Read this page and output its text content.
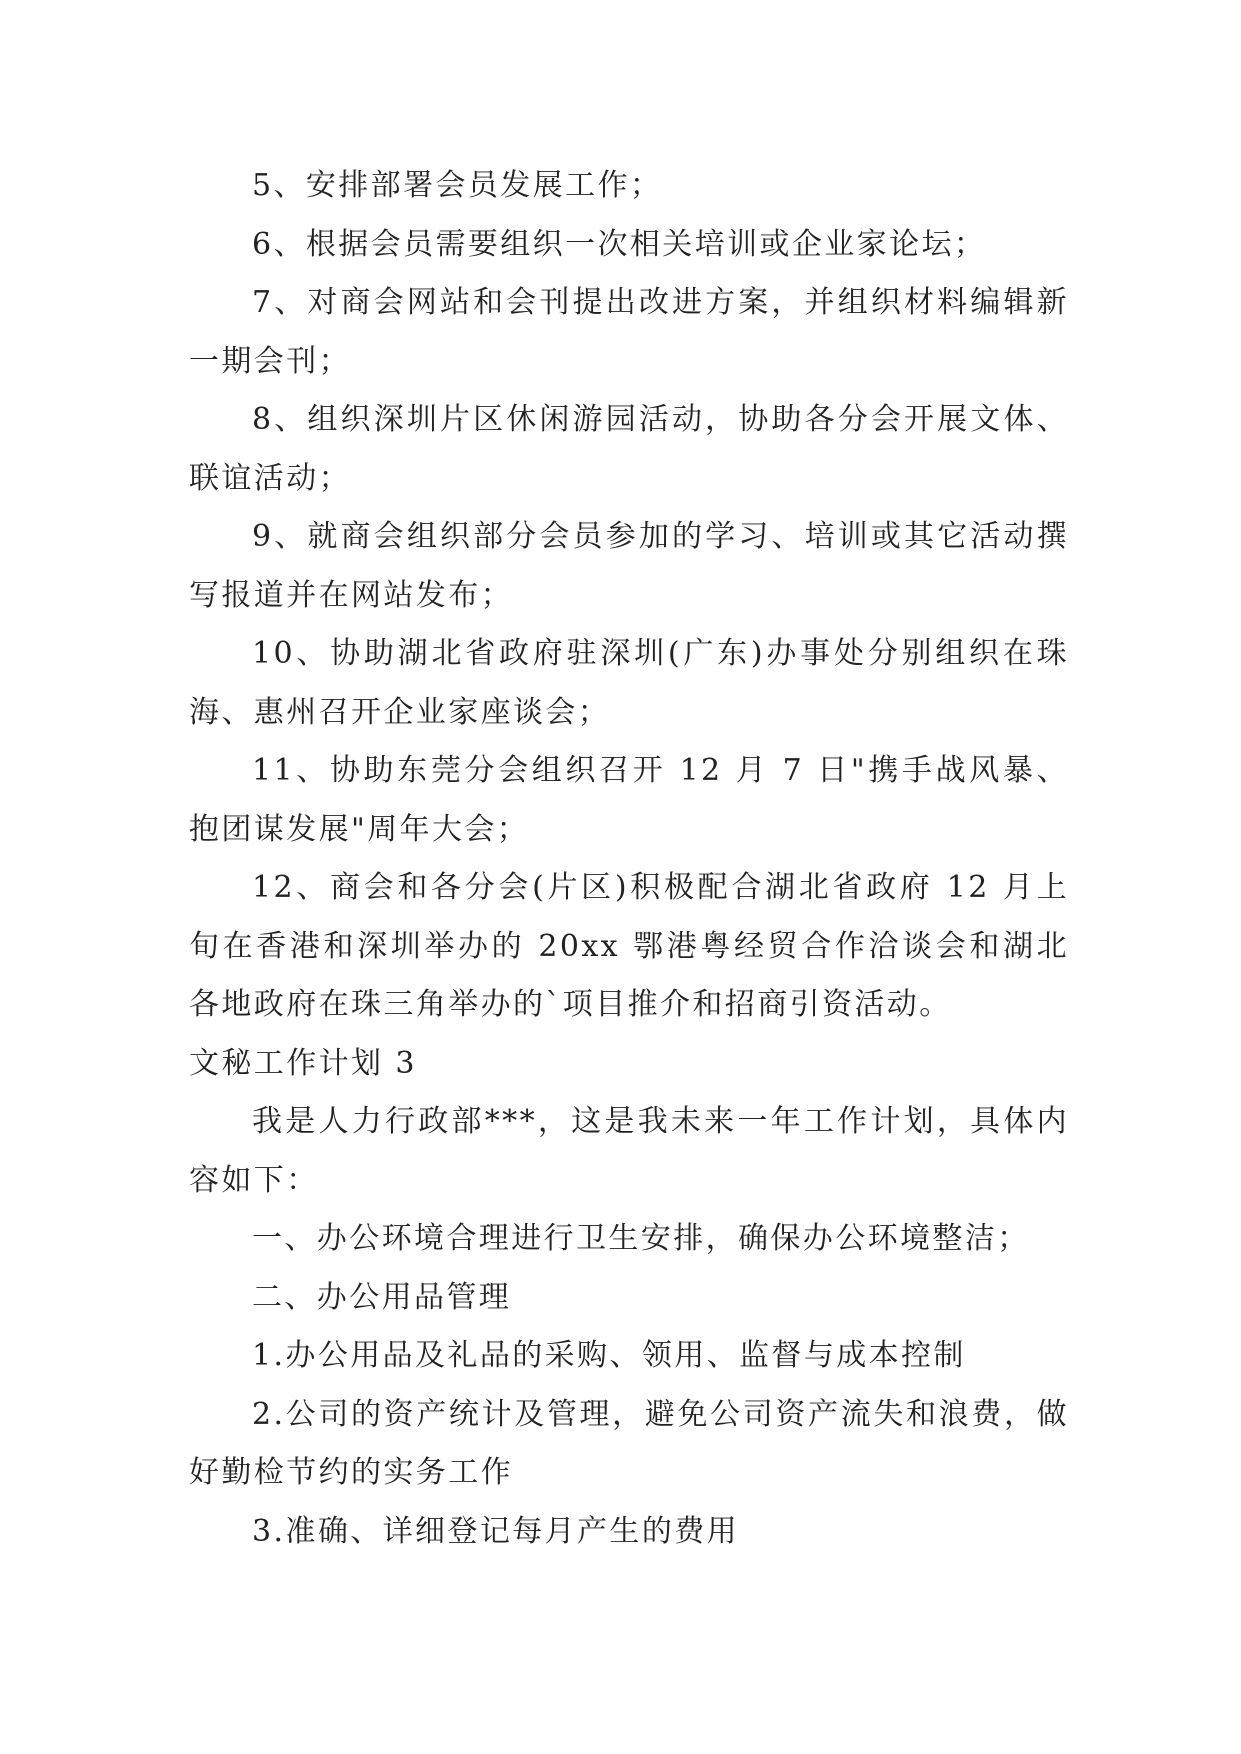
5、安排部署会员发展工作；

6、根据会员需要组织一次相关培训或企业家论坛；

7、对商会网站和会刊提出改进方案，并组织材料编辑新一期会刊；

8、组织深圳片区休闲游园活动，协助各分会开展文体、联谊活动；

9、就商会组织部分会员参加的学习、培训或其它活动撰写报道并在网站发布；

10、协助湖北省政府驻深圳(广东)办事处分别组织在珠海、惠州召开企业家座谈会；

11、协助东莞分会组织召开 12 月 7 日"携手战风暴、抱团谋发展"周年大会；

12、商会和各分会(片区)积极配合湖北省政府 12 月上旬在香港和深圳举办的 20xx 鄂港粤经贸合作洽谈会和湖北各地政府在珠三角举办的`项目推介和招商引资活动。

文秘工作计划 3

我是人力行政部***，这是我未来一年工作计划，具体内容如下：

一、办公环境合理进行卫生安排，确保办公环境整洁；

二、办公用品管理

1.办公用品及礼品的采购、领用、监督与成本控制

2.公司的资产统计及管理，避免公司资产流失和浪费，做好勤检节约的实务工作

3.准确、详细登记每月产生的费用
